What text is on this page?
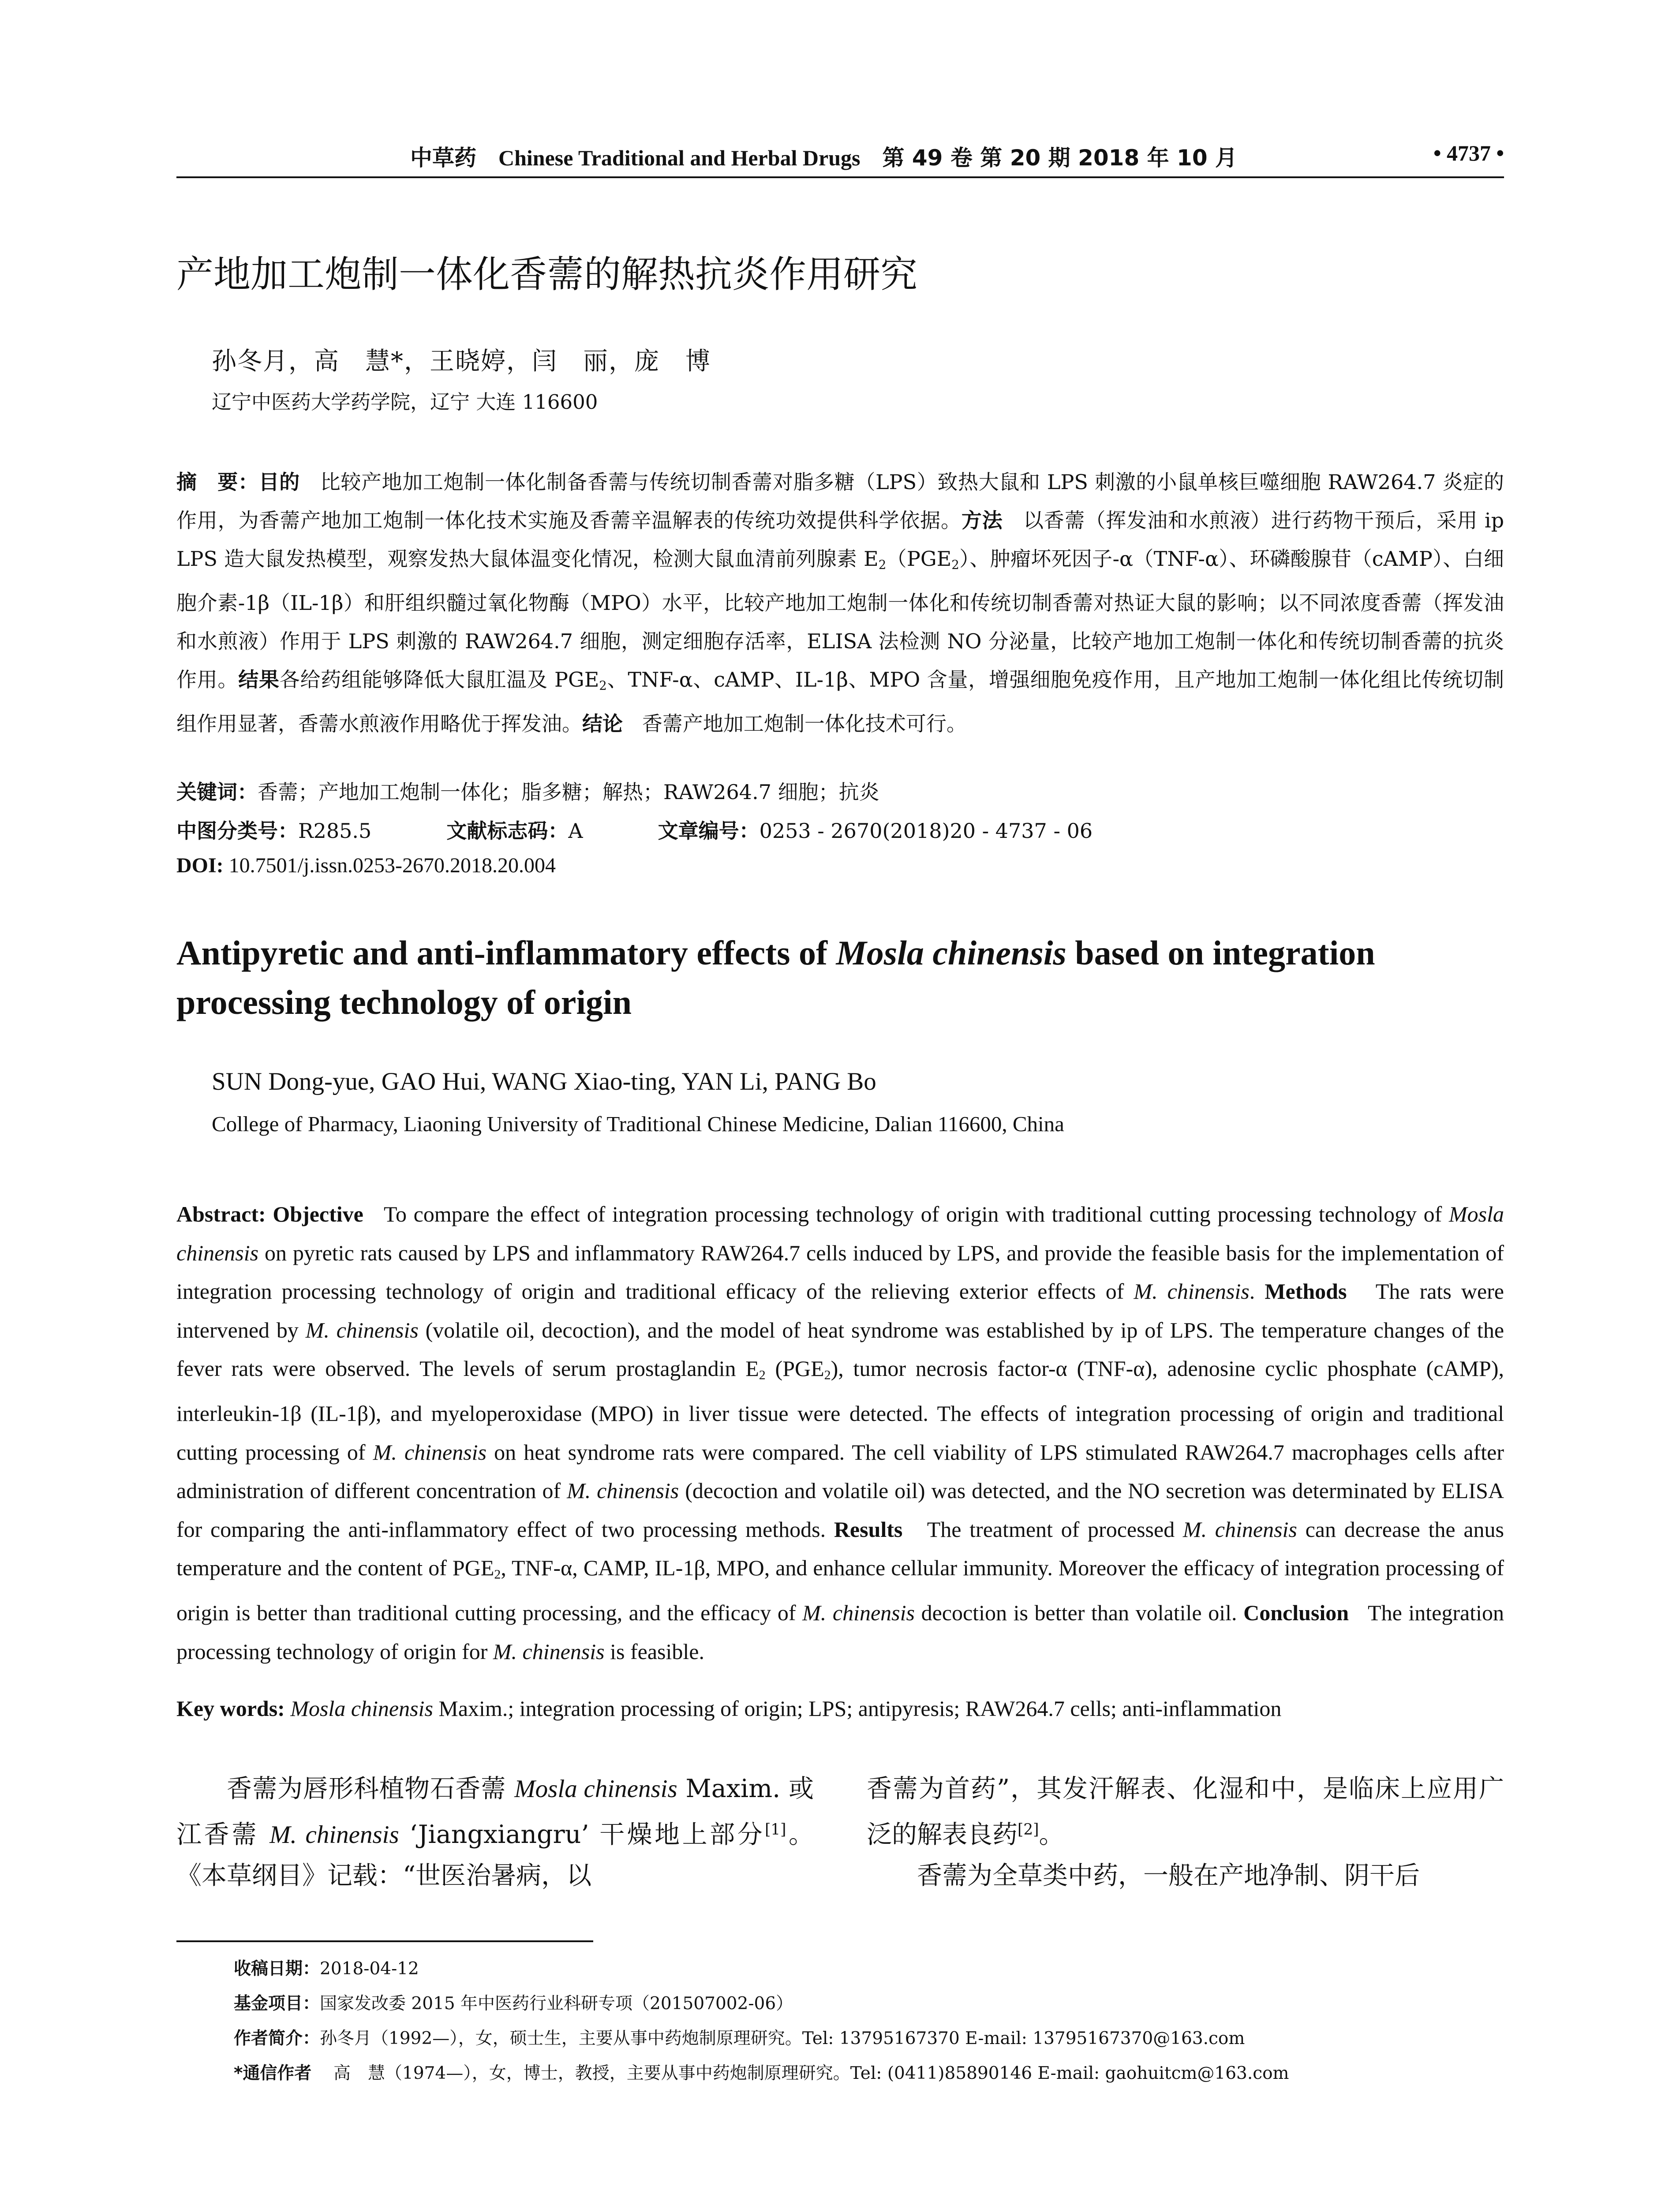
中草药 Chinese Traditional and Herbal Drugs 第 49 卷 第 20 期 2018 年 10 月	• 4737 •
产地加工炮制一体化香薷的解热抗炎作用研究
孙冬月，高　慧*，王晓婷，闫　丽，庞　博
辽宁中医药大学药学院，辽宁 大连 116600
摘　要：目的 比较产地加工炮制一体化制备香薷与传统切制香薷对脂多糖（LPS）致热大鼠和 LPS 刺激的小鼠单核巨噬细胞 RAW264.7 炎症的作用，为香薷产地加工炮制一体化技术实施及香薷辛温解表的传统功效提供科学依据。方法 以香薷（挥发油和水煎液）进行药物干预后，采用 ip LPS 造大鼠发热模型，观察发热大鼠体温变化情况，检测大鼠血清前列腺素 $E_2(PGE_2)$、肿瘤坏死因子-α（TNF-α）、环磷酸腺苷（cAMP）、白细胞介素-1β（IL-1β）和肝组织髓过氧化物酶（MPO）水平，比较产地加工炮制一体化和传统切制香薷对热证大鼠的影响；以不同浓度香薷（挥发油和水煎液）作用于 LPS 刺激的 RAW264.7 细胞，测定细胞存活率，ELISA 法检测 NO 分泌量，比较产地加工炮制一体化和传统切制香薷的抗炎作用。结果各给药组能够降低大鼠肛温及 $PGE_2$、TNF-α、cAMP、IL-1β、MPO 含量，增强细胞免疫作用，且产地加工炮制一体化组比传统切制组作用显著，香薷水煎液作用略优于挥发油。结论 香薷产地加工炮制一体化技术可行。
关键词：香薷；产地加工炮制一体化；脂多糖；解热；RAW264.7 细胞；抗炎
中图分类号：R285.5	文献标志码：A	文章编号：0253 - 2670(2018)20 - 4737 - 06
DOI: 10.7501/j.issn.0253-2670.2018.20.004
Antipyretic and anti-inflammatory effects of Mosla chinensis based on integration processing technology of origin
SUN Dong-yue, GAO Hui, WANG Xiao-ting, YAN Li, PANG Bo
College of Pharmacy, Liaoning University of Traditional Chinese Medicine, Dalian 116600, China
Abstract: Objective To compare the effect of integration processing technology of origin with traditional cutting processing technology of Mosla chinensis on pyretic rats caused by LPS and inflammatory RAW264.7 cells induced by LPS, and provide the feasible basis for the implementation of integration processing technology of origin and traditional efficacy of the relieving exterior effects of M. chinensis. Methods The rats were intervened by M. chinensis (volatile oil, decoction), and the model of heat syndrome was established by ip of LPS. The temperature changes of the fever rats were observed. The levels of serum prostaglandin $E_2$ $(PGE_2)$, tumor necrosis factor-α (TNF-α), adenosine cyclic phosphate (cAMP), interleukin-1β (IL-1β), and myeloperoxidase (MPO) in liver tissue were detected. The effects of integration processing of origin and traditional cutting processing of M. chinensis on heat syndrome rats were compared. The cell viability of LPS stimulated RAW264.7 macrophages cells after administration of different concentration of M. chinensis (decoction and volatile oil) was detected, and the NO secretion was determinated by ELISA for comparing the anti-inflammatory effect of two processing methods. Results The treatment of processed M. chinensis can decrease the anus temperature and the content of $PGE_2$, TNF-α, CAMP, IL-1β, MPO, and enhance cellular immunity. Moreover the efficacy of integration processing of origin is better than traditional cutting processing, and the efficacy of M. chinensis decoction is better than volatile oil. Conclusion The integration processing technology of origin for M. chinensis is feasible.
Key words: Mosla chinensis Maxim.; integration processing of origin; LPS; antipyresis; RAW264.7 cells; anti-inflammation

香薷为唇形科植物石香薷 Mosla chinensis Maxim. 或江香薷 M. chinensis ‘Jiangxiangru’ 干燥地上部分[1]。《本草纲目》记载：“世医治暑病，以

香薷为首药”，其发汗解表、化湿和中，是临床上应用广泛的解表良药[2]。

香薷为全草类中药，一般在产地净制、阴干后

收稿日期：2018-04-12
基金项目：国家发改委 2015 年中医药行业科研专项（201507002-06）
作者简介：孙冬月（1992—），女，硕士生，主要从事中药炮制原理研究。Tel: 13795167370 E-mail: 13795167370@163.com
*通信作者 高　慧（1974—），女，博士，教授，主要从事中药炮制原理研究。Tel: (0411)85890146 E-mail: gaohuitcm@163.com
